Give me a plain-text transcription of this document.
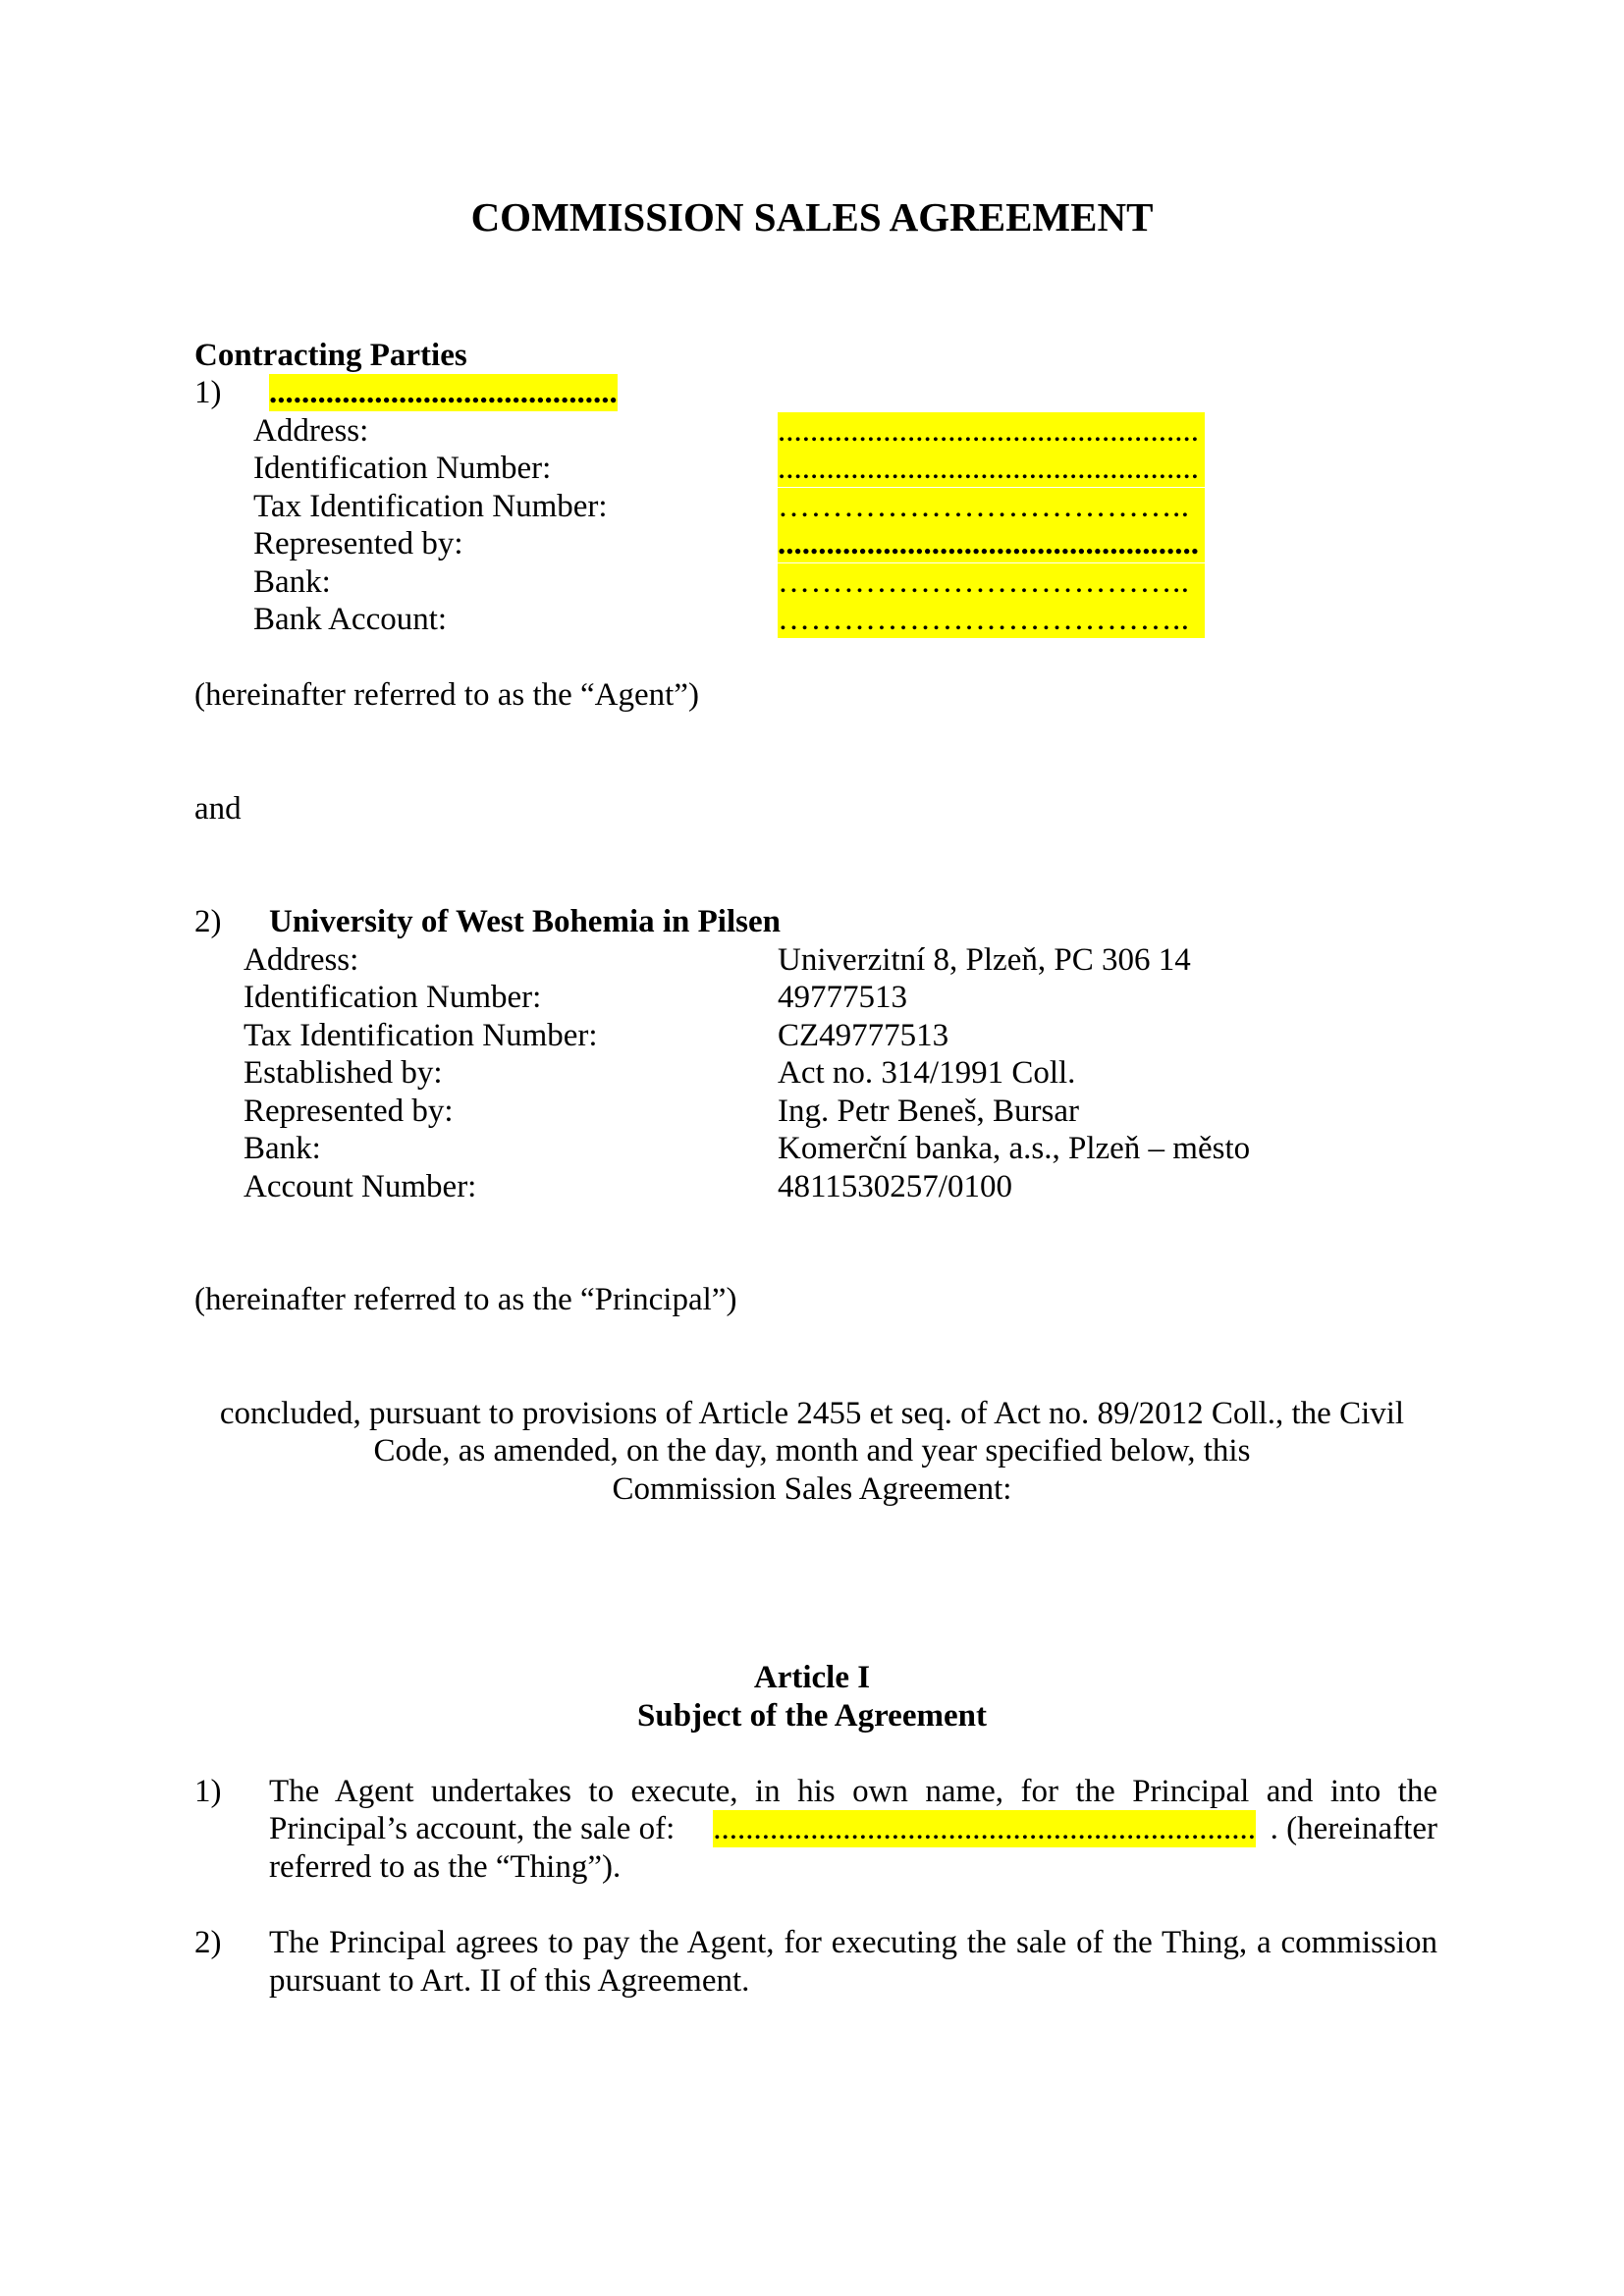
COMMISSION SALES AGREEMENT
Contracting Parties
1) ...........................................
Address:	....................................................
Identification Number:	....................................................
Tax Identification Number:	………………………………..
Represented by:	....................................................
Bank:	………………………………..
Bank Account:	………………………………..
(hereinafter referred to as the “Agent”)
and
2) University of West Bohemia in Pilsen
Address:	Univerzitní 8, Plzeň, PC 306 14
Identification Number:	49777513
Tax Identification Number:	CZ49777513
Established by:	Act no. 314/1991 Coll.
Represented by:	Ing. Petr Beneš, Bursar
Bank:	Komerční banka, a.s., Plzeň – město
Account Number:	4811530257/0100
(hereinafter referred to as the “Principal”)
concluded, pursuant to provisions of Article 2455 et seq. of Act no. 89/2012 Coll., the Civil
Code, as amended, on the day, month and year specified below, this
Commission Sales Agreement:
Article I
Subject of the Agreement
1) The Agent undertakes to execute, in his own name, for the Principal and into the
Principal’s account, the sale of: ................................................................... . (hereinafter
referred to as the “Thing”).
2) The Principal agrees to pay the Agent, for executing the sale of the Thing, a commission
pursuant to Art. II of this Agreement.
